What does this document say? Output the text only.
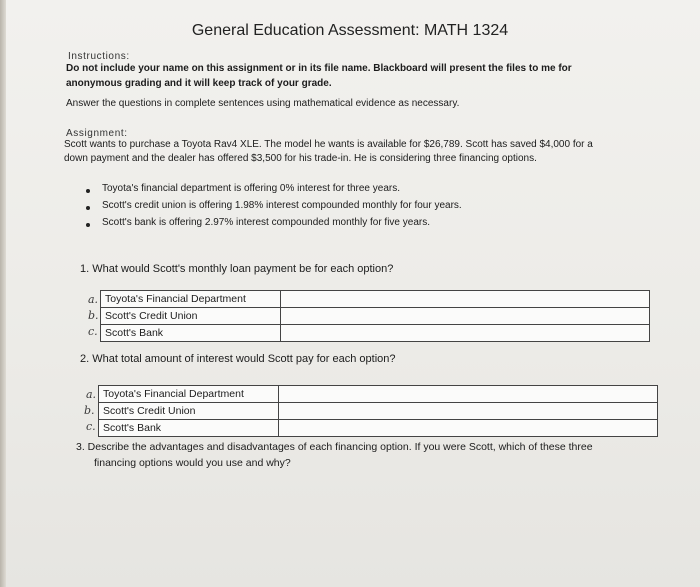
General Education Assessment: MATH 1324
Instructions:
Do not include your name on this assignment or in its file name. Blackboard will present the files to me for
anonymous grading and it will keep track of your grade.
Answer the questions in complete sentences using mathematical evidence as necessary.
Assignment:
Scott wants to purchase a Toyota Rav4 XLE. The model he wants is available for $26,789. Scott has saved $4,000 for a
down payment and the dealer has offered $3,500 for his trade-in. He is considering three financing options.
Toyota's financial department is offering 0% interest for three years.
Scott's credit union is offering 1.98% interest compounded monthly for four years.
Scott's bank is offering 2.97% interest compounded monthly for five years.
1. What would Scott's monthly loan payment be for each option?
a.
b.
c.
Toyota's Financial Department
Scott's Credit Union
Scott's Bank
2. What total amount of interest would Scott pay for each option?
a.
b.
c.
Toyota's Financial Department
Scott's Credit Union
Scott's Bank
3. Describe the advantages and disadvantages of each financing option. If you were Scott, which of these three
financing options would you use and why?
